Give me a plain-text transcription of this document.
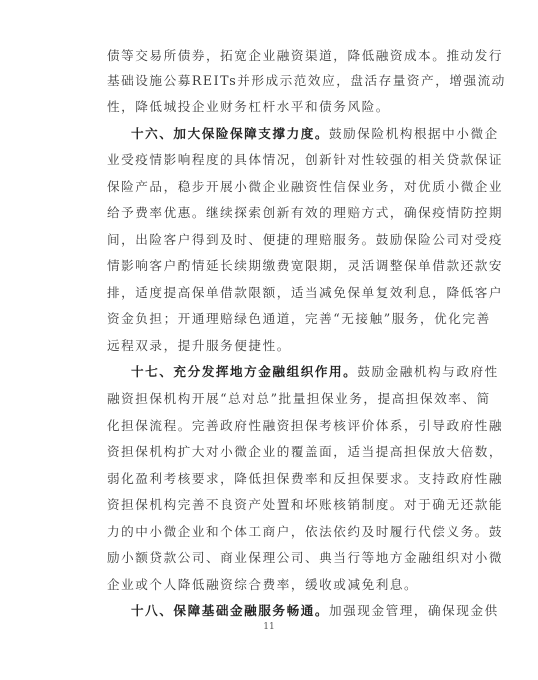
债等交易所债券，拓宽企业融资渠道，降低融资成本。推动发行
基础设施公募REITs并形成示范效应，盘活存量资产，增强流动
性，降低城投企业财务杠杆水平和债务风险。
十六、加大保险保障支撑力度。鼓励保险机构根据中小微企
业受疫情影响程度的具体情况，创新针对性较强的相关贷款保证
保险产品，稳步开展小微企业融资性信保业务，对优质小微企业
给予费率优惠。继续探索创新有效的理赔方式，确保疫情防控期
间，出险客户得到及时、便捷的理赔服务。鼓励保险公司对受疫
情影响客户酌情延长续期缴费宽限期，灵活调整保单借款还款安
排，适度提高保单借款限额，适当减免保单复效利息，降低客户
资金负担；开通理赔绿色通道，完善“无接触”服务，优化完善
远程双录，提升服务便捷性。
十七、充分发挥地方金融组织作用。鼓励金融机构与政府性
融资担保机构开展“总对总”批量担保业务，提高担保效率、简
化担保流程。完善政府性融资担保考核评价体系，引导政府性融
资担保机构扩大对小微企业的覆盖面，适当提高担保放大倍数，
弱化盈利考核要求，降低担保费率和反担保要求。支持政府性融
资担保机构完善不良资产处置和坏账核销制度。对于确无还款能
力的中小微企业和个体工商户，依法依约及时履行代偿义务。鼓
励小额贷款公司、商业保理公司、典当行等地方金融组织对小微
企业或个人降低融资综合费率，缓收或减免利息。
十八、保障基础金融服务畅通。加强现金管理，确保现金供
11
